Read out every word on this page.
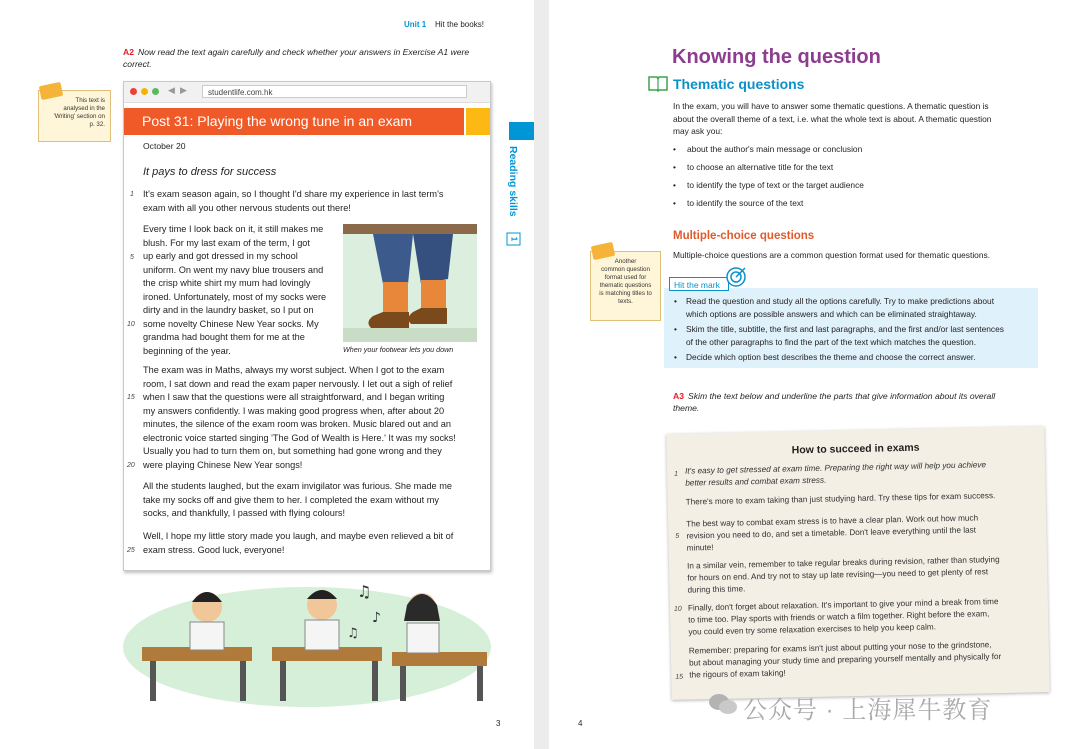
Unit 1 Hit the books!
A2 Now read the text again carefully and check whether your answers in Exercise A1 were correct.
This text is
analysed in the
'Writing' section on
p. 32.
◀ ▶	studentlife.com.hk
Post 31: Playing the wrong tune in an exam
October 20
It pays to dress for success
1 It's exam season again, so I thought I'd share my experience in last term's
exam with all you other nervous students out there!
5
10
Every time I look back on it, it still makes me
blush. For my last exam of the term, I got
up early and got dressed in my school
uniform. On went my navy blue trousers and
the crisp white shirt my mum had lovingly
ironed. Unfortunately, most of my socks were
dirty and in the laundry basket, so I put on
some novelty Chinese New Year socks. My
grandma had bought them for me at the
beginning of the year.	When your footwear lets you down
15
20
The exam was in Maths, always my worst subject. When I got to the exam
room, I sat down and read the exam paper nervously. I let out a sigh of relief
when I saw that the questions were all straightforward, and I began writing
my answers confidently. I was making good progress when, after about 20
minutes, the silence of the exam room was broken. Music blared out and an
electronic voice started singing 'The God of Wealth is Here.' It was my socks!
Usually you had to turn them on, but something had gone wrong and they
were playing Chinese New Year songs!
All the students laughed, but the exam invigilator was furious. She made me
take my socks off and give them to her. I completed the exam without my
socks, and thankfully, I passed with flying colours!
25
Well, I hope my little story made you laugh, and maybe even relieved a bit of
exam stress. Good luck, everyone!
♫
♪
♫
Reading skills
1
3
Knowing the question
Thematic questions
In the exam, you will have to answer some thematic questions. A thematic question is
about the overall theme of a text, i.e. what the whole text is about. A thematic question
may ask you:
• about the author's main message or conclusion
• to choose an alternative title for the text
• to identify the type of text or the target audience
• to identify the source of the text
Multiple-choice questions
Multiple-choice questions are a common question format used for thematic questions.
Another
common question
format used for
thematic questions
is matching titles to
texts.	• Read the question and study all the options carefully. Try to make predictions about
which options are possible answers and which can be eliminated straightaway.
• Skim the title, subtitle, the first and last paragraphs, and the first and/or last sentences
of the other paragraphs to find the part of the text which matches the question.
• Decide which option best describes the theme and choose the correct answer.
Hit the mark
A3 Skim the text below and underline the parts that give information about its overall
theme.
How to succeed in exams
1 It's easy to get stressed at exam time. Preparing the right way will help you achieve
better results and combat exam stress.
There's more to exam taking than just studying hard. Try these tips for exam success.
5
The best way to combat exam stress is to have a clear plan. Work out how much
revision you need to do, and set a timetable. Don't leave everything until the last
minute!
In a similar vein, remember to take regular breaks during revision, rather than studying
for hours on end. And try not to stay up late revising—you need to get plenty of rest
during this time.
10 Finally, don't forget about relaxation. It's important to give your mind a break from time
to time too. Play sports with friends or watch a film together. Right before the exam,
you could even try some relaxation exercises to help you keep calm.
15
Remember: preparing for exams isn't just about putting your nose to the grindstone,
but about managing your study time and preparing yourself mentally and physically for
the rigours of exam taking!
公众号 · 上海犀牛教育
4
